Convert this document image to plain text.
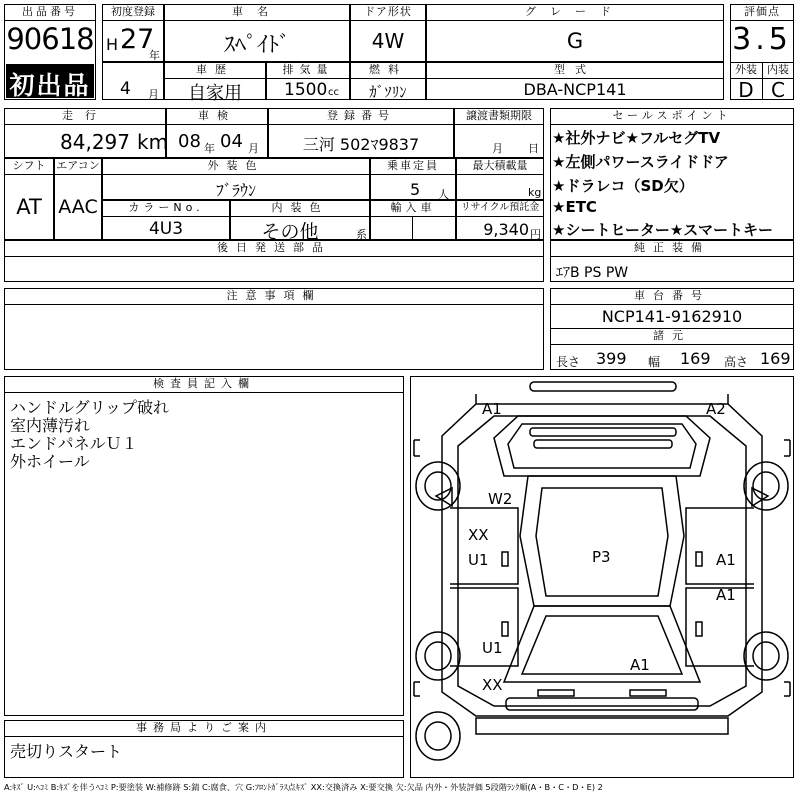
出品番号
90618
初出品
初度登録
H 27
年
車名
ｽﾍﾟｲﾄﾞ
ドア形状
4W
グレード
G
評価点
3.5
外装 内装
D C
4 月
車歴
自家用
排気量
1500 cc
燃料
ｶﾞｿﾘﾝ
型式
DBA-NCP141
走行
84,297 km
車検
08 年 04 月
登録番号
三河 502ﾏ9837
譲渡書類期限
月 日
シフト
AT
エアコン
AAC
外装色
ﾌﾞﾗｳﾝ
乗車定員
5 人
最大積載量
kg
カラーNo.
4U3
内装色
その他	系
輸入車	リサイクル預託金
9,340 円
後日発送部品
セールスポイント
★社外ナビ★フルセグTV
★左側パワースライドドア
★ドラレコ（SD欠）
★ETC
★シートヒーター★スマートキー
純正装備
ｴｱB PS PW
注意事項欄	車台番号
NCP141-9162910
諸元
長さ 399 幅 169 高さ 169
検査員記入欄
ハンドルグリップ破れ
室内薄汚れ
エンドパネルＵ１
外ホイール
事務局よりご案内
売切りスタート
A1	A2
W2
XX
U1	P3	A1
A1
U1
A1
XX
A:ｷｽﾞ U:ﾍｺﾐ B:ｷｽﾞを伴うﾍｺﾐ P:要塗装 W:補修跡 S:錆 C:腐食、穴 G:ﾌﾛﾝﾄｶﾞﾗｽ点ｷｽﾞ XX:交換済み X:要交換 欠:欠品 内外・外装評価 5段階ﾗﾝｸ順(A・B・C・D・E) 2
